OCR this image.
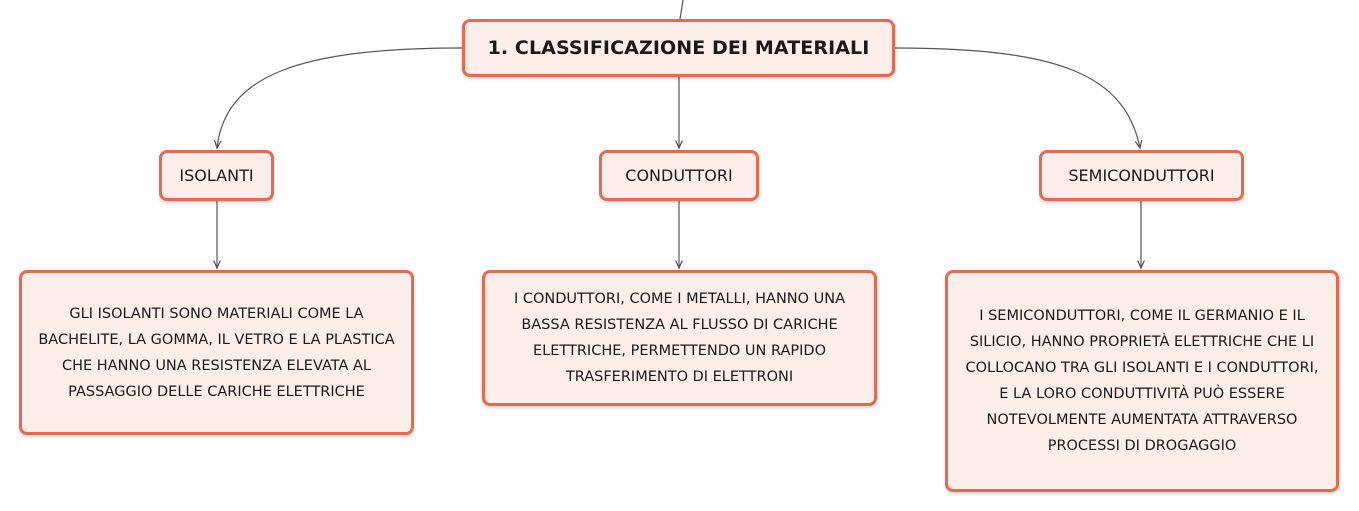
1. CLASSIFICAZIONE DEI MATERIALI
ISOLANTI	CONDUTTORI	SEMICONDUTTORI
GLI ISOLANTI SONO MATERIALI COME LA BACHELITE, LA GOMMA, IL VETRO E LA PLASTICA CHE HANNO UNA RESISTENZA ELEVATA AL PASSAGGIO DELLE CARICHE ELETTRICHE
I CONDUTTORI, COME I METALLI, HANNO UNA BASSA RESISTENZA AL FLUSSO DI CARICHE ELETTRICHE, PERMETTENDO UN RAPIDO TRASFERIMENTO DI ELETTRONI
I SEMICONDUTTORI, COME IL GERMANIO E IL SILICIO, HANNO PROPRIETÀ ELETTRICHE CHE LI COLLOCANO TRA GLI ISOLANTI E I CONDUTTORI, E LA LORO CONDUTTIVITÀ PUÒ ESSERE NOTEVOLMENTE AUMENTATA ATTRAVERSO PROCESSI DI DROGAGGIO
